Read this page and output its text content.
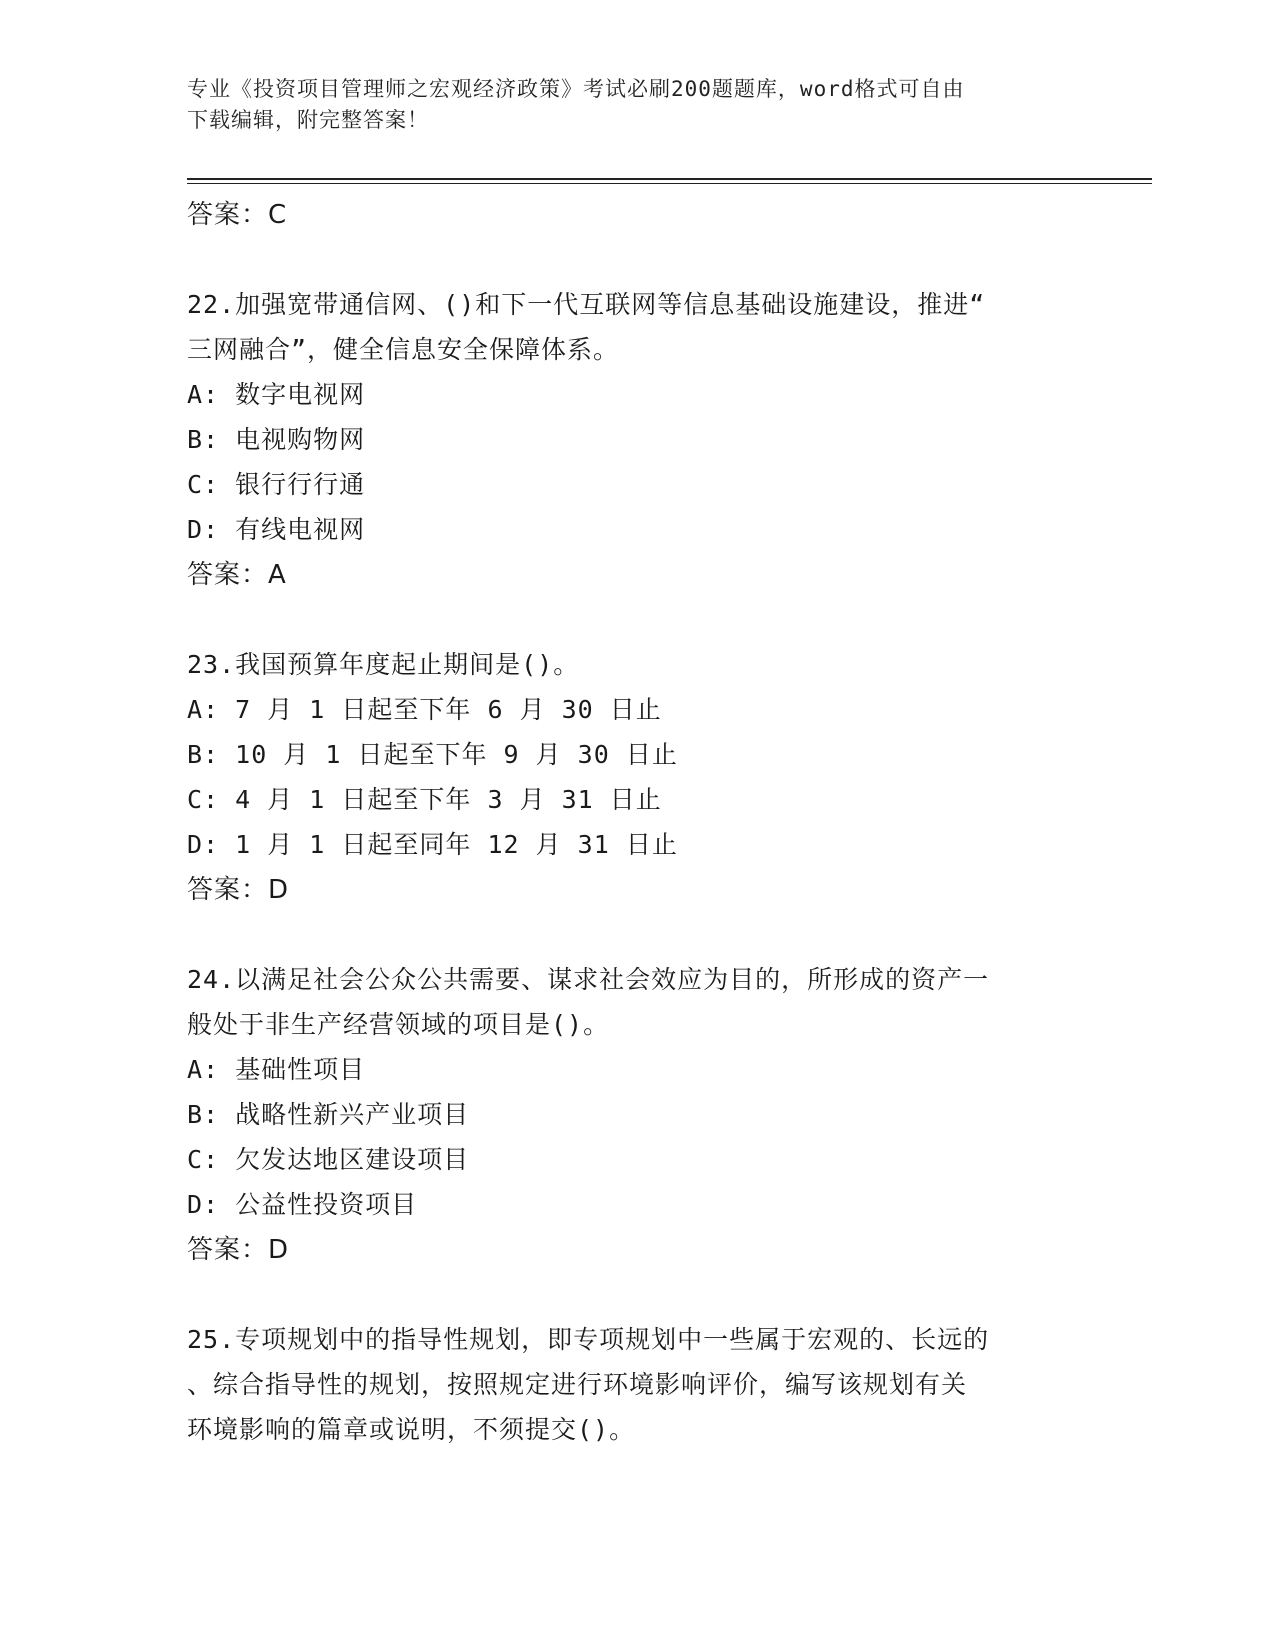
专业《投资项目管理师之宏观经济政策》考试必刷200题题库，word格式可自由
下载编辑，附完整答案！
答案：C
22.加强宽带通信网、()和下一代互联网等信息基础设施建设，推进“
三网融合”，健全信息安全保障体系。
A: 数字电视网
B: 电视购物网
C: 银行行行通
D: 有线电视网
答案：A
23.我国预算年度起止期间是()。
A: 7 月 1 日起至下年 6 月 30 日止
B: 10 月 1 日起至下年 9 月 30 日止
C: 4 月 1 日起至下年 3 月 31 日止
D: 1 月 1 日起至同年 12 月 31 日止
答案：D
24.以满足社会公众公共需要、谋求社会效应为目的，所形成的资产一
般处于非生产经营领域的项目是()。
A: 基础性项目
B: 战略性新兴产业项目
C: 欠发达地区建设项目
D: 公益性投资项目
答案：D
25.专项规划中的指导性规划，即专项规划中一些属于宏观的、长远的
、综合指导性的规划，按照规定进行环境影响评价，编写该规划有关
环境影响的篇章或说明，不须提交()。
